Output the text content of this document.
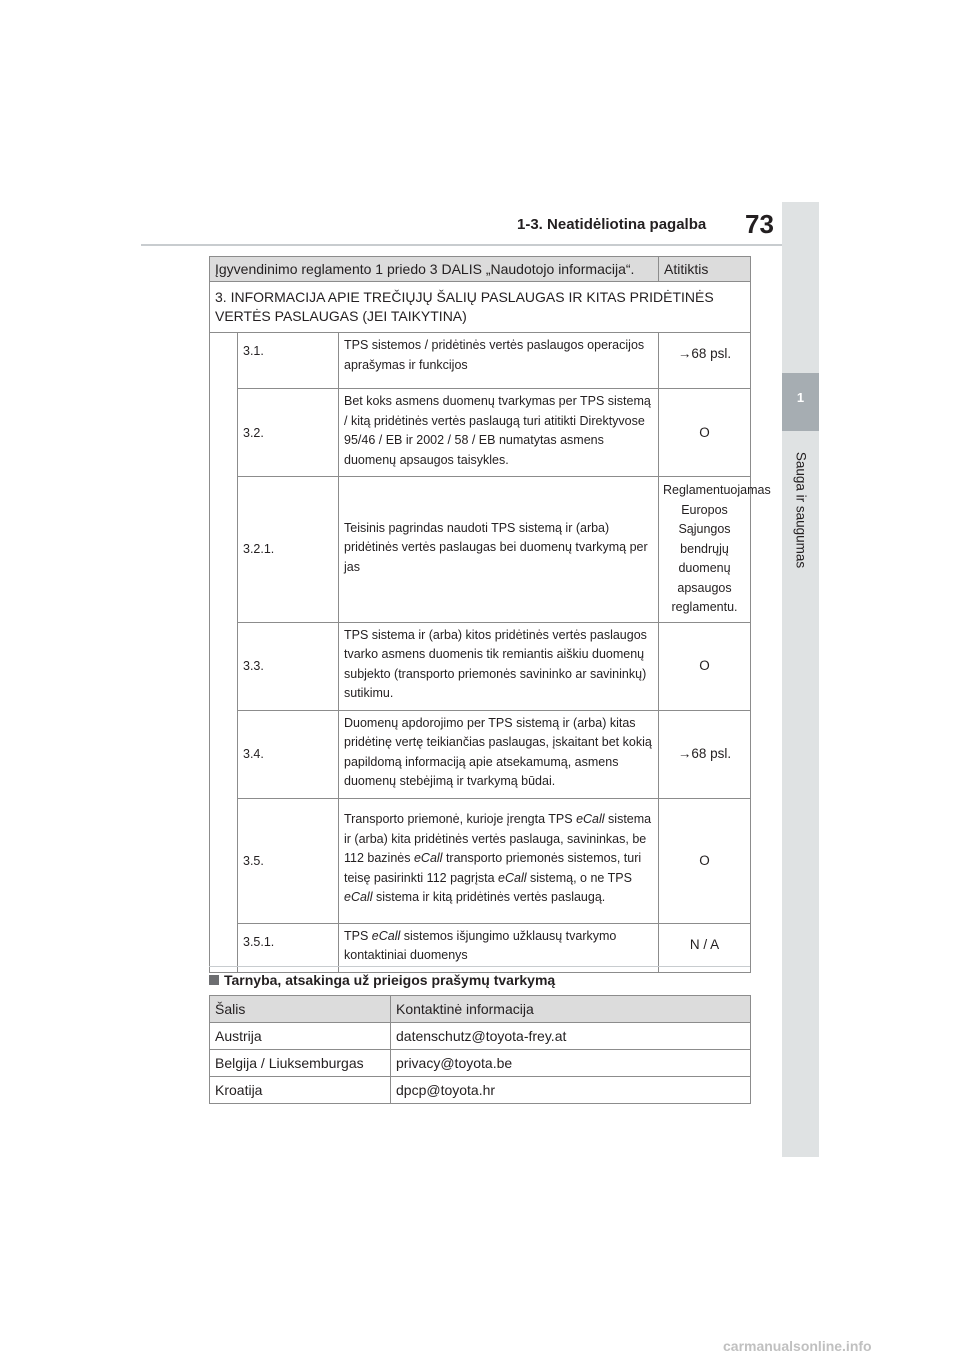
1-3. Neatidėliotina pagalba 73
1
Sauga ir saugumas
Įgyvendinimo reglamento 1 priedo 3 DALIS „Naudotojo informacija“.			Atitiktis
3. INFORMACIJA APIE TREČIŲJŲ ŠALIŲ PASLAUGAS IR KITAS PRIDĖTINĖS VERTĖS PASLAUGAS (JEI TAIKYTINA)			
	3.1.	TPS sistemos / pridėtinės vertės paslaugos operacijos aprašymas ir funkcijos	→68 psl.
	3.2.	Bet koks asmens duomenų tvarkymas per TPS sistemą / kitą pridėtinės vertės paslaugą turi atitikti Direktyvose 95/46 / EB ir 2002 / 58 / EB numatytas asmens duomenų apsaugos taisykles.	O
	3.2.1.	Teisinis pagrindas naudoti TPS sistemą ir (arba) pridėtinės vertės paslaugas bei duomenų tvarkymą per jas	Reglamentuojamas Europos Sąjungos bendrųjų duomenų apsaugos reglamentu.
	3.3.	TPS sistema ir (arba) kitos pridėtinės vertės paslaugos tvarko asmens duomenis tik remiantis aiškiu duomenų subjekto (transporto priemonės savininko ar savininkų) sutikimu.	O
	3.4.	Duomenų apdorojimo per TPS sistemą ir (arba) kitas pridėtinę vertę teikiančias paslaugas, įskaitant bet kokią papildomą informaciją apie atsekamumą, asmens duomenų stebėjimą ir tvarkymą būdai.	→68 psl.
	3.5.	Transporto priemonė, kurioje įrengta TPS eCall sistema ir (arba) kita pridėtinės vertės paslauga, savininkas, be 112 bazinės eCall transporto priemonės sistemos, turi teisę pasirinkti 112 pagrįsta eCall sistemą, o ne TPS eCall sistema ir kitą pridėtinės vertės paslaugą.	O
	3.5.1.	TPS eCall sistemos išjungimo užklausų tvarkymo kontaktiniai duomenys	N / A
Tarnyba, atsakinga už prieigos prašymų tvarkymą
Šalis	Kontaktinė informacija
Austrija	datenschutz@toyota-frey.at
Belgija / Liuksemburgas	privacy@toyota.be
Kroatija	dpcp@toyota.hr
carmanualsonline.info
